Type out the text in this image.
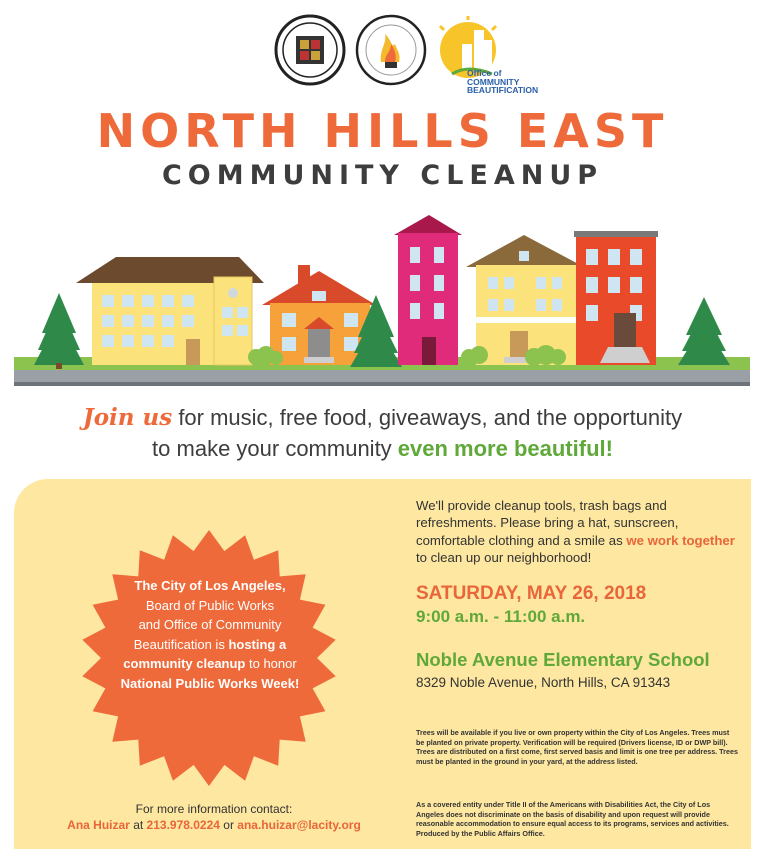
Office of
COMMUNITY
BEAUTIFICATION
NORTH HILLS EAST
COMMUNITY CLEANUP
Join us for music, free food, giveaways, and the opportunity
to make your community even more beautiful!
The City of Los Angeles,
Board of Public Works
and Office of Community
Beautification is hosting a
community cleanup to honor
National Public Works Week!
For more information contact:
Ana Huizar at 213.978.0224 or ana.huizar@lacity.org
We'll provide cleanup tools, trash bags and refreshments. Please bring a hat, sunscreen, comfortable clothing and a smile as we work together to clean up our neighborhood!
SATURDAY, MAY 26, 2018
9:00 a.m. - 11:00 a.m.
Noble Avenue Elementary School
8329 Noble Avenue, North Hills, CA 91343
Trees will be available if you live or own property within the City of Los Angeles. Trees must be planted on private property. Verification will be required (Drivers license, ID or DWP bill). Trees are distributed on a first come, first served basis and limit is one tree per address. Trees must be planted in the ground in your yard, at the address listed.
As a covered entity under Title II of the Americans with Disabilities Act, the City of Los Angeles does not discriminate on the basis of disability and upon request will provide reasonable accommodation to ensure equal access to its programs, services and activities. Produced by the Public Affairs Office.
